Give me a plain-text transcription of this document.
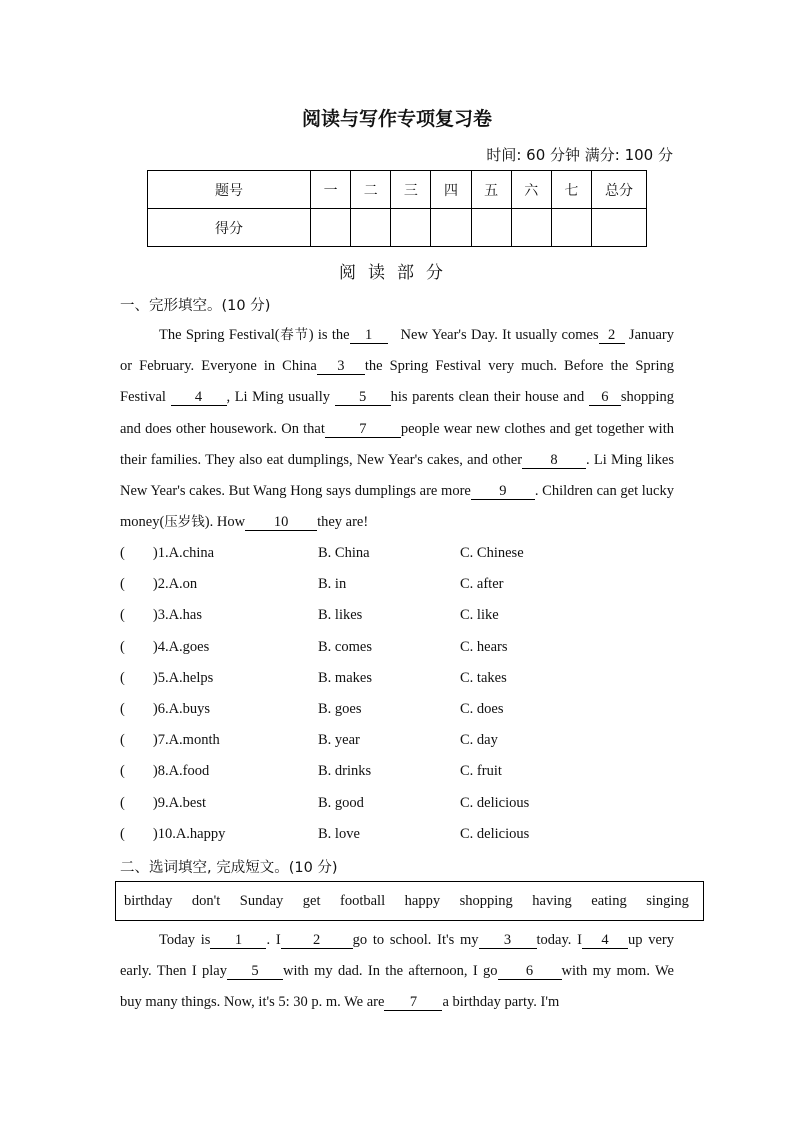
阅读与写作专项复习卷
时间: 60 分钟 满分: 100 分
题号	一	二	三	四	五	六	七	总分
得分								
阅读部分
一、完形填空。(10 分)

The Spring Festival(春节) is the 1 New Year's Day. It usually comes 2 January or February. Everyone in China 3 the Spring Festival very much. Before the Spring Festival 4 , Li Ming usually 5 his parents clean their house and 6 shopping and does other housework. On that 7 people wear new clothes and get together with their families. They also eat dumplings, New Year's cakes, and other 8 . Li Ming likes New Year's cakes. But Wang Hong says dumplings are more 9 . Children can get lucky money(压岁钱). How 10 they are!

( )1.A.china	B. China	C. Chinese
( )2.A.on	B. in	C. after
( )3.A.has	B. likes	C. like
( )4.A.goes	B. comes	C. hears
( )5.A.helps	B. makes	C. takes
( )6.A.buys	B. goes	C. does
( )7.A.month	B. year	C. day
( )8.A.food	B. drinks	C. fruit
( )9.A.best	B. good	C. delicious
( )10.A.happy	B. love	C. delicious
二、选词填空, 完成短文。(10 分)
birthday don't Sunday get football happy shopping having eating singing

Today is 1 . I 2 go to school. It's my 3 today. I 4 up very early. Then I play 5 with my dad. In the afternoon, I go 6 with my mom. We buy many things. Now, it's 5: 30 p. m. We are 7 a birthday party. I'm
